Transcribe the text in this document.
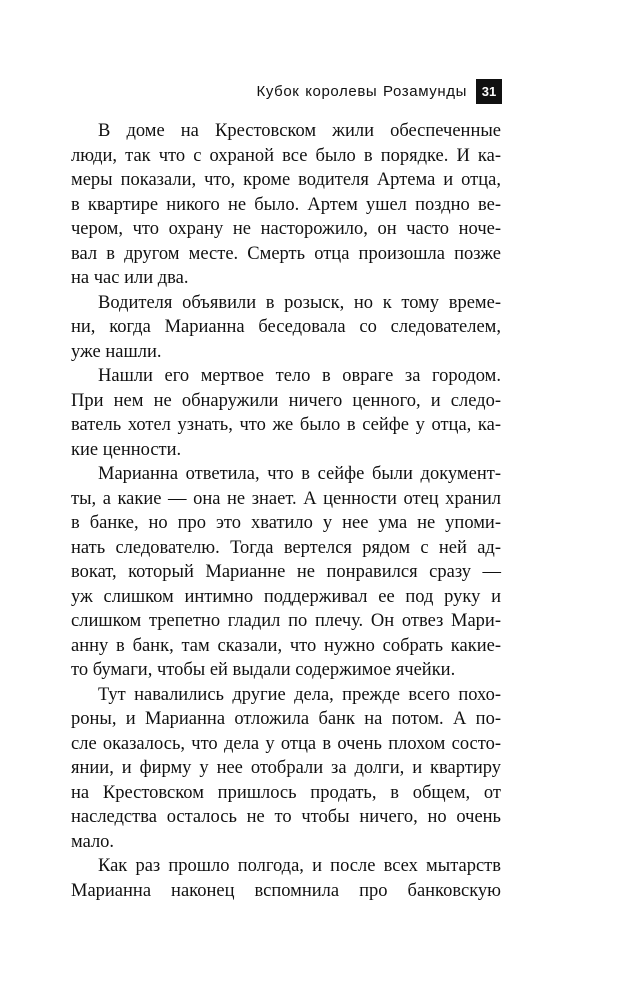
Кубок королевы Розамунды	31
В доме на Крестовском жили обеспеченные
люди, так что с охраной все было в порядке. И ка-
меры показали, что, кроме водителя Артема и отца,
в квартире никого не было. Артем ушел поздно ве-
чером, что охрану не насторожило, он часто ноче-
вал в другом месте. Смерть отца произошла позже
на час или два.
Водителя объявили в розыск, но к тому време-
ни, когда Марианна беседовала со следователем,
уже нашли.
Нашли его мертвое тело в овраге за городом.
При нем не обнаружили ничего ценного, и следо-
ватель хотел узнать, что же было в сейфе у отца, ка-
кие ценности.
Марианна ответила, что в сейфе были документ-
ты, а какие — она не знает. А ценности отец хранил
в банке, но про это хватило у нее ума не упоми-
нать следователю. Тогда вертелся рядом с ней ад-
вокат, который Марианне не понравился сразу —
уж слишком интимно поддерживал ее под руку и
слишком трепетно гладил по плечу. Он отвез Мари-
анну в банк, там сказали, что нужно собрать какие-
то бумаги, чтобы ей выдали содержимое ячейки.
Тут навалились другие дела, прежде всего похо-
роны, и Марианна отложила банк на потом. А по-
сле оказалось, что дела у отца в очень плохом состо-
янии, и фирму у нее отобрали за долги, и квартиру
на Крестовском пришлось продать, в общем, от
наследства осталось не то чтобы ничего, но очень
мало.
Как раз прошло полгода, и после всех мытарств
Марианна наконец вспомнила про банковскую
